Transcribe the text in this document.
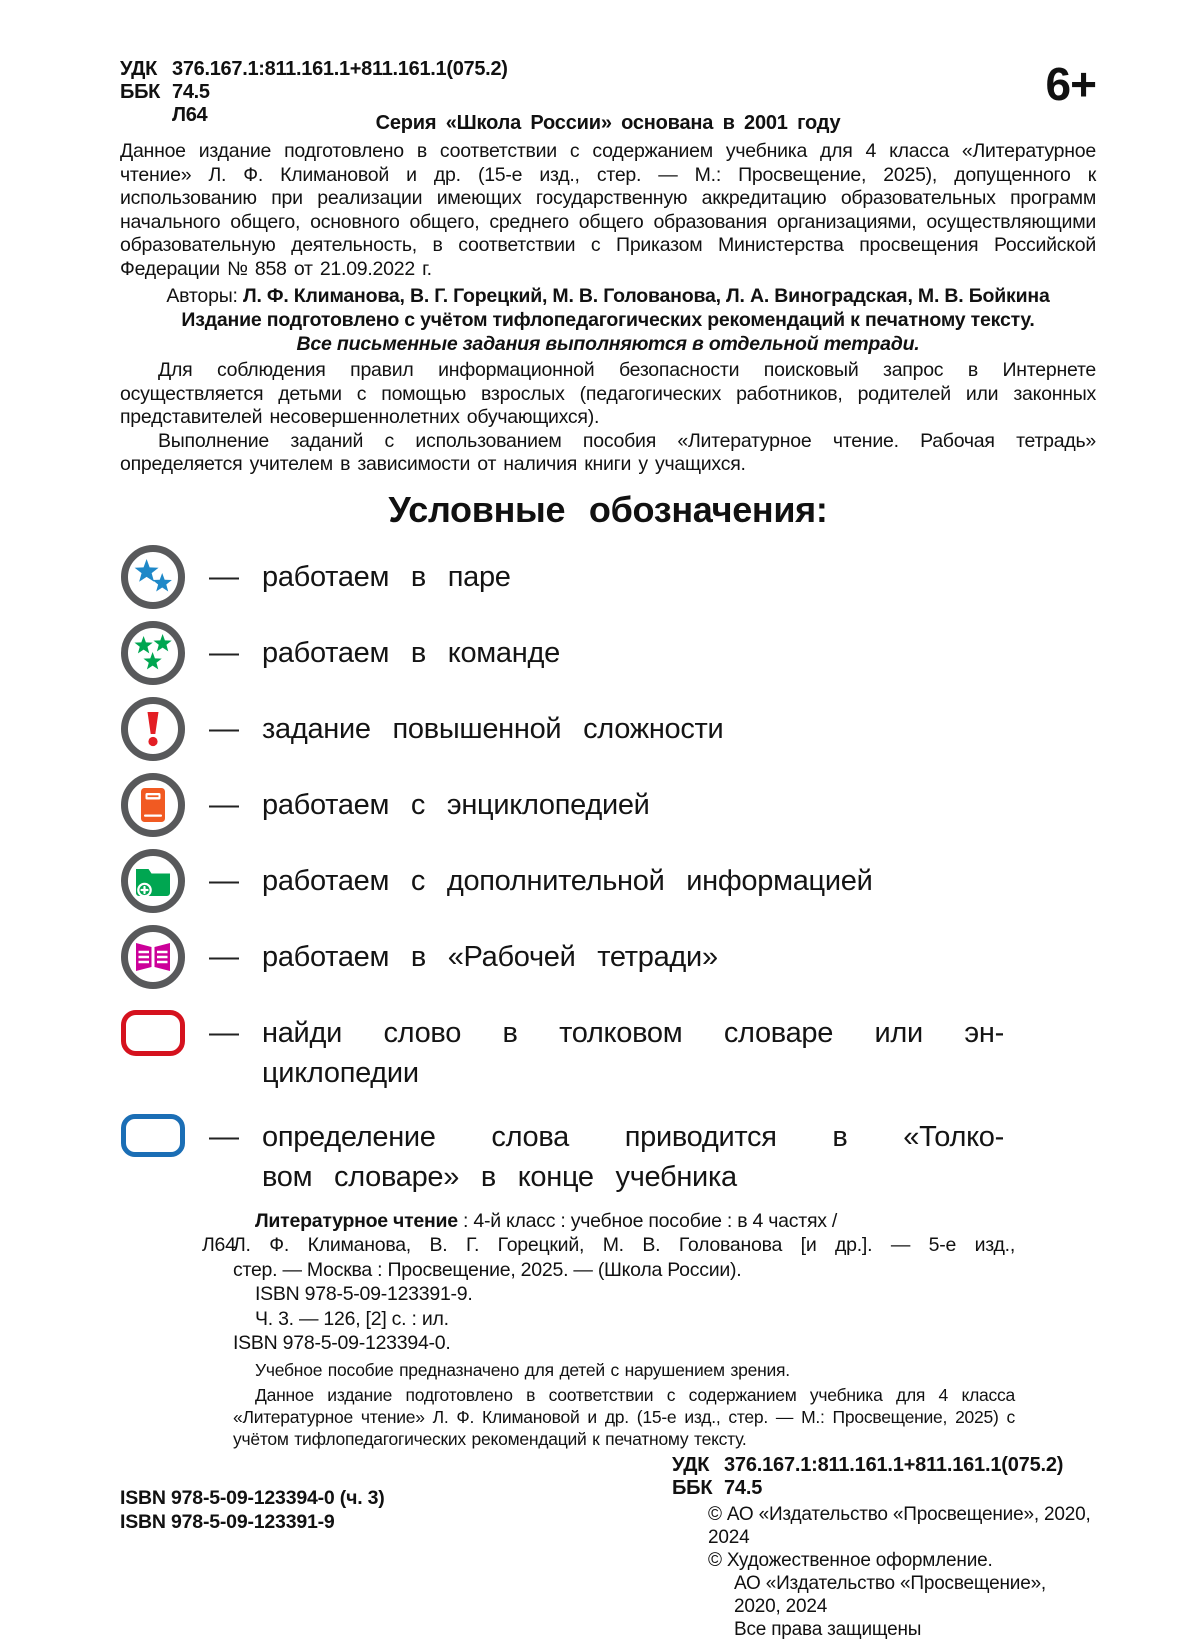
УДК 376.167.1:811.161.1+811.161.1(075.2)
ББК 74.5
Л64
6+
Серия «Школа России» основана в 2001 году
Данное издание подготовлено в соответствии с содержанием учебника для 4 класса «Литературное чтение» Л. Ф. Климановой и др. (15-е изд., стер. — М.: Просвещение, 2025), допущенного к использованию при реализации имеющих государственную аккредитацию образовательных программ начального общего, основного общего, среднего общего образования организациями, осуществляющими образовательную деятельность, в соответствии с Приказом Министерства просвещения Российской Федерации № 858 от 21.09.2022 г.
Авторы: Л. Ф. Климанова, В. Г. Горецкий, М. В. Голованова, Л. А. Виноградская, М. В. Бойкина
Издание подготовлено с учётом тифлопедагогических рекомендаций к печатному тексту.
Все письменные задания выполняются в отдельной тетради.
Для соблюдения правил информационной безопасности поисковый запрос в Интернете осуществляется детьми с помощью взрослых (педагогических работников, родителей или законных представителей несовершеннолетних обучающихся).
Выполнение заданий с использованием пособия «Литературное чтение. Рабочая тетрадь» определяется учителем в зависимости от наличия книги у учащихся.
Условные обозначения:
— работаем в паре
— работаем в команде
— задание повышенной сложности
— работаем с энциклопедией
— работаем с дополнительной информацией
— работаем в «Рабочей тетради»
— найди слово в толковом словаре или эн-
циклопедии
— определение слова приводится в «Толко-
вом словаре» в конце учебника
Л64
Литературное чтение : 4-й класс : учебное пособие : в 4 частях /
Л. Ф. Климанова, В. Г. Горецкий, М. В. Голованова [и др.]. — 5-е изд.,
стер. — Москва : Просвещение, 2025. — (Школа России).
ISBN 978-5-09-123391-9.
Ч. 3. — 126, [2] с. : ил.
ISBN 978-5-09-123394-0.
Учебное пособие предназначено для детей с нарушением зрения.
Данное издание подготовлено в соответствии с содержанием учебника для 4 класса «Литературное чтение» Л. Ф. Климановой и др. (15-е изд., стер. — М.: Просвещение, 2025) с учётом тифлопедагогических рекомендаций к печатному тексту.
ISBN 978-5-09-123394-0 (ч. 3)
ISBN 978-5-09-123391-9
УДК 376.167.1:811.161.1+811.161.1(075.2)
ББК 74.5
© АО «Издательство «Просвещение», 2020, 2024
© Художественное оформление.
АО «Издательство «Просвещение», 2020, 2024
Все права защищены
